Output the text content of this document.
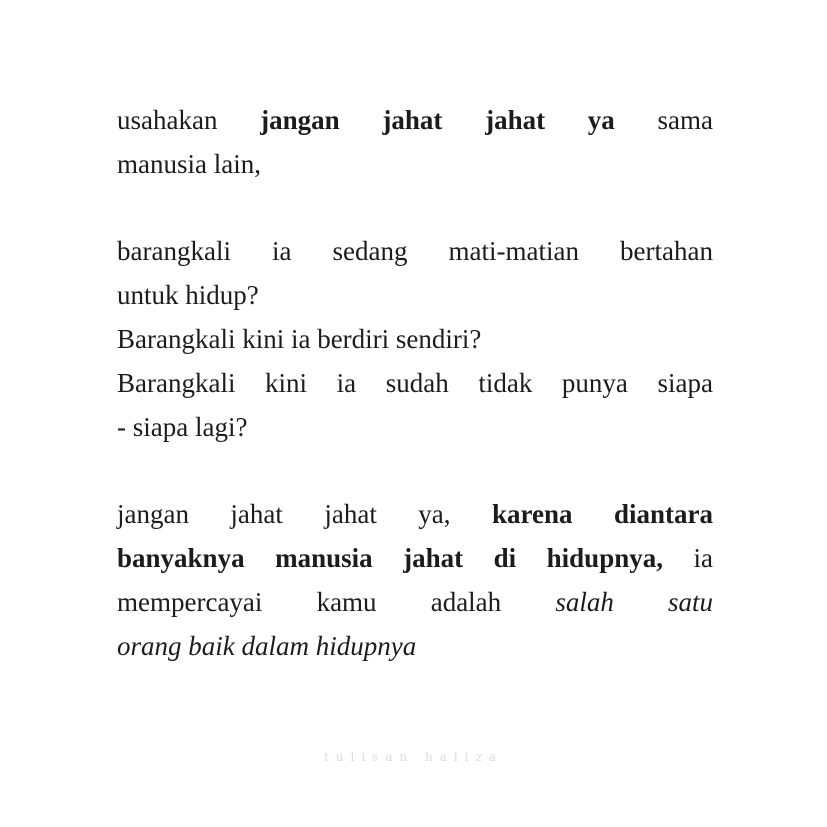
usahakan jangan jahat jahat ya sama
manusia lain,
barangkali ia sedang mati-matian bertahan
untuk hidup?
Barangkali kini ia berdiri sendiri?
Barangkali kini ia sudah tidak punya siapa
- siapa lagi?
jangan jahat jahat ya, karena diantara
banyaknya manusia jahat di hidupnya, ia
mempercayai kamu adalah salah satu
orang baik dalam hidupnya
tulisan haliza
